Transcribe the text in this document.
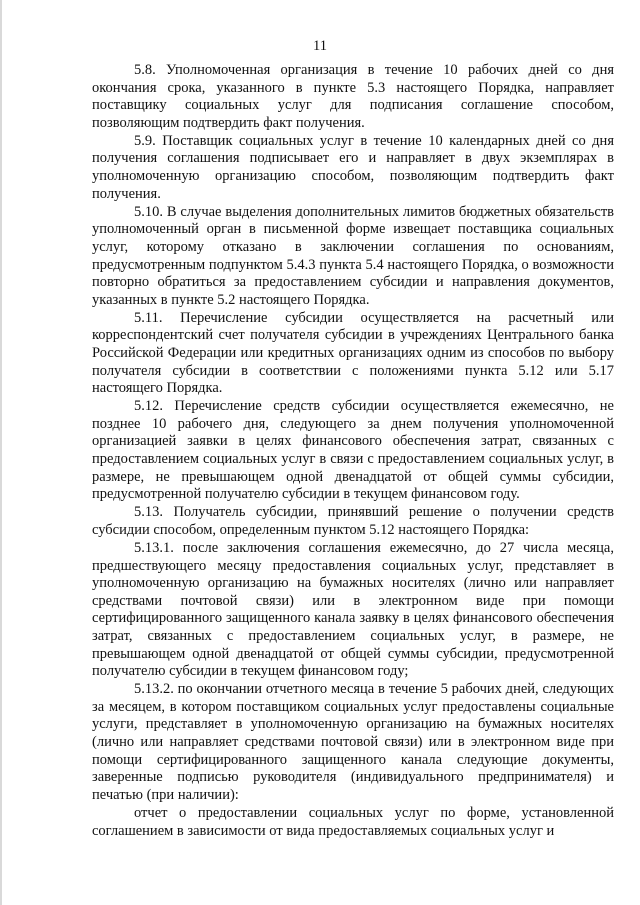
11

5.8. Уполномоченная организация в течение 10 рабочих дней со дня окончания срока, указанного в пункте 5.3 настоящего Порядка, направляет поставщику социальных услуг для подписания соглашение способом, позволяющим подтвердить факт получения.

5.9. Поставщик социальных услуг в течение 10 календарных дней со дня получения соглашения подписывает его и направляет в двух экземплярах в уполномоченную организацию способом, позволяющим подтвердить факт получения.

5.10. В случае выделения дополнительных лимитов бюджетных обязательств уполномоченный орган в письменной форме извещает поставщика социальных услуг, которому отказано в заключении соглашения по основаниям, предусмотренным подпунктом 5.4.3 пункта 5.4 настоящего Порядка, о возможности повторно обратиться за предоставлением субсидии и направления документов, указанных в пункте 5.2 настоящего Порядка.

5.11. Перечисление субсидии осуществляется на расчетный или корреспондентский счет получателя субсидии в учреждениях Центрального банка Российской Федерации или кредитных организациях одним из способов по выбору получателя субсидии в соответствии с положениями пункта 5.12 или 5.17 настоящего Порядка.

5.12. Перечисление средств субсидии осуществляется ежемесячно, не позднее 10 рабочего дня, следующего за днем получения уполномоченной организацией заявки в целях финансового обеспечения затрат, связанных с предоставлением социальных услуг в связи с предоставлением социальных услуг, в размере, не превышающем одной двенадцатой от общей суммы субсидии, предусмотренной получателю субсидии в текущем финансовом году.

5.13. Получатель субсидии, принявший решение о получении средств субсидии способом, определенным пунктом 5.12 настоящего Порядка:

5.13.1. после заключения соглашения ежемесячно, до 27 числа месяца, предшествующего месяцу предоставления социальных услуг, представляет в уполномоченную организацию на бумажных носителях (лично или направляет средствами почтовой связи) или в электронном виде при помощи сертифицированного защищенного канала заявку в целях финансового обеспечения затрат, связанных с предоставлением социальных услуг, в размере, не превышающем одной двенадцатой от общей суммы субсидии, предусмотренной получателю субсидии в текущем финансовом году;

5.13.2. по окончании отчетного месяца в течение 5 рабочих дней, следующих за месяцем, в котором поставщиком социальных услуг предоставлены социальные услуги, представляет в уполномоченную организацию на бумажных носителях (лично или направляет средствами почтовой связи) или в электронном виде при помощи сертифицированного защищенного канала следующие документы, заверенные подписью руководителя (индивидуального предпринимателя) и печатью (при наличии):

отчет о предоставлении социальных услуг по форме, установленной соглашением в зависимости от вида предоставляемых социальных услуг и
